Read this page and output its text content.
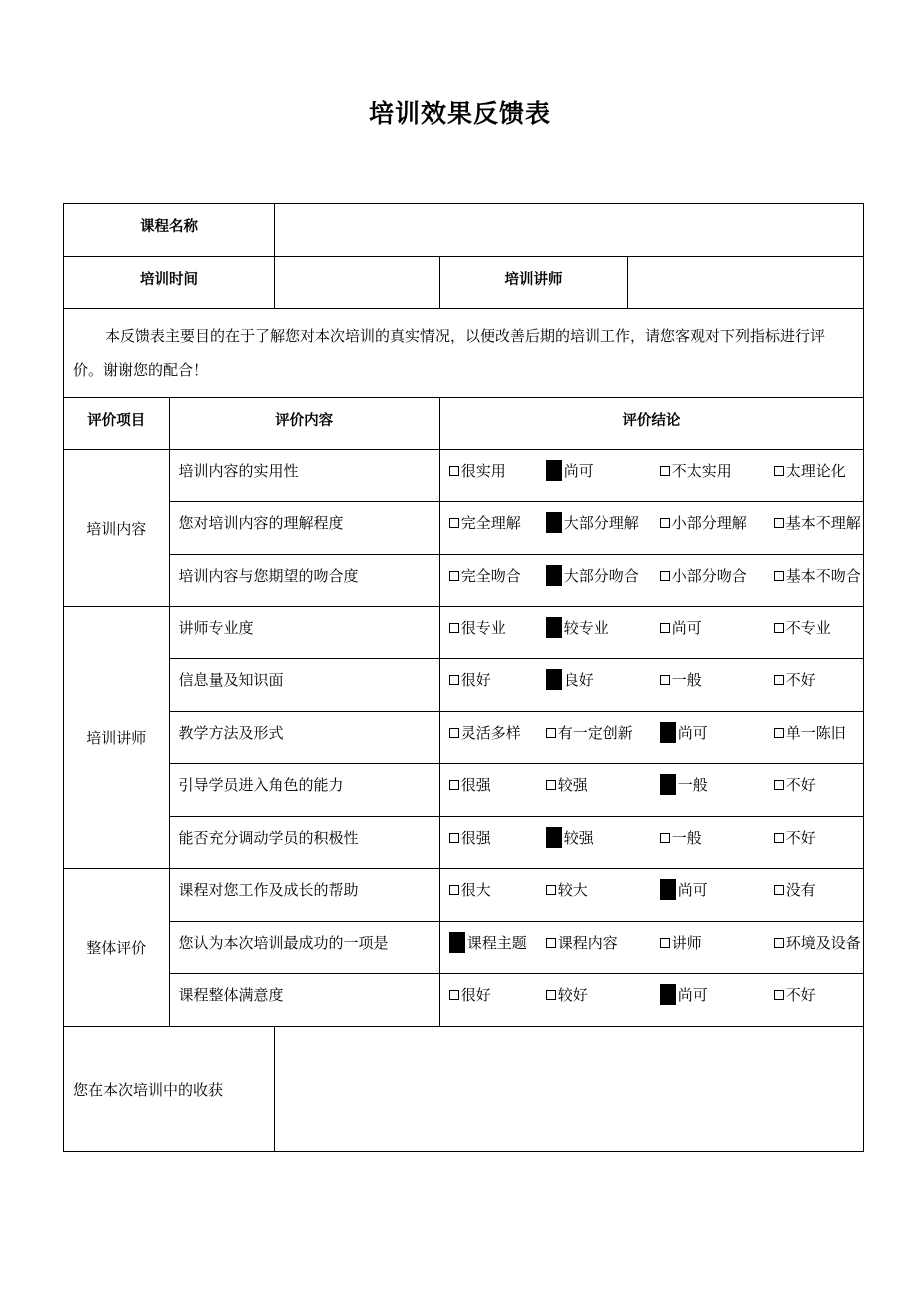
培训效果反馈表
课程名称				
培训时间			培训讲师	

本反馈表主要目的在于了解您对本次培训的真实情况，以便改善后期的培训工作，请您客观对下列指标进行评价。谢谢您的配合！				

评价项目	评价内容		评价结论	
培训内容	培训内容的实用性		很实用 尚可 不太实用 太理论化	

	您对培训内容的理解程度		完全理解 大部分理解 小部分理解 基本不理解	

	培训内容与您期望的吻合度		完全吻合 大部分吻合 小部分吻合 基本不吻合	

培训讲师	讲师专业度		很专业 较专业 尚可 不专业	

	信息量及知识面		很好 良好 一般 不好	

	教学方法及形式		灵活多样 有一定创新 尚可 单一陈旧	

	引导学员进入角色的能力		很强 较强 一般 不好	

	能否充分调动学员的积极性		很强 较强 一般 不好	

整体评价	课程对您工作及成长的帮助		很大 较大 尚可 没有	

	您认为本次培训最成功的一项是		课程主题 课程内容 讲师 环境及设备	

	课程整体满意度		很好 较好 尚可 不好	

您在本次培训中的收获				
